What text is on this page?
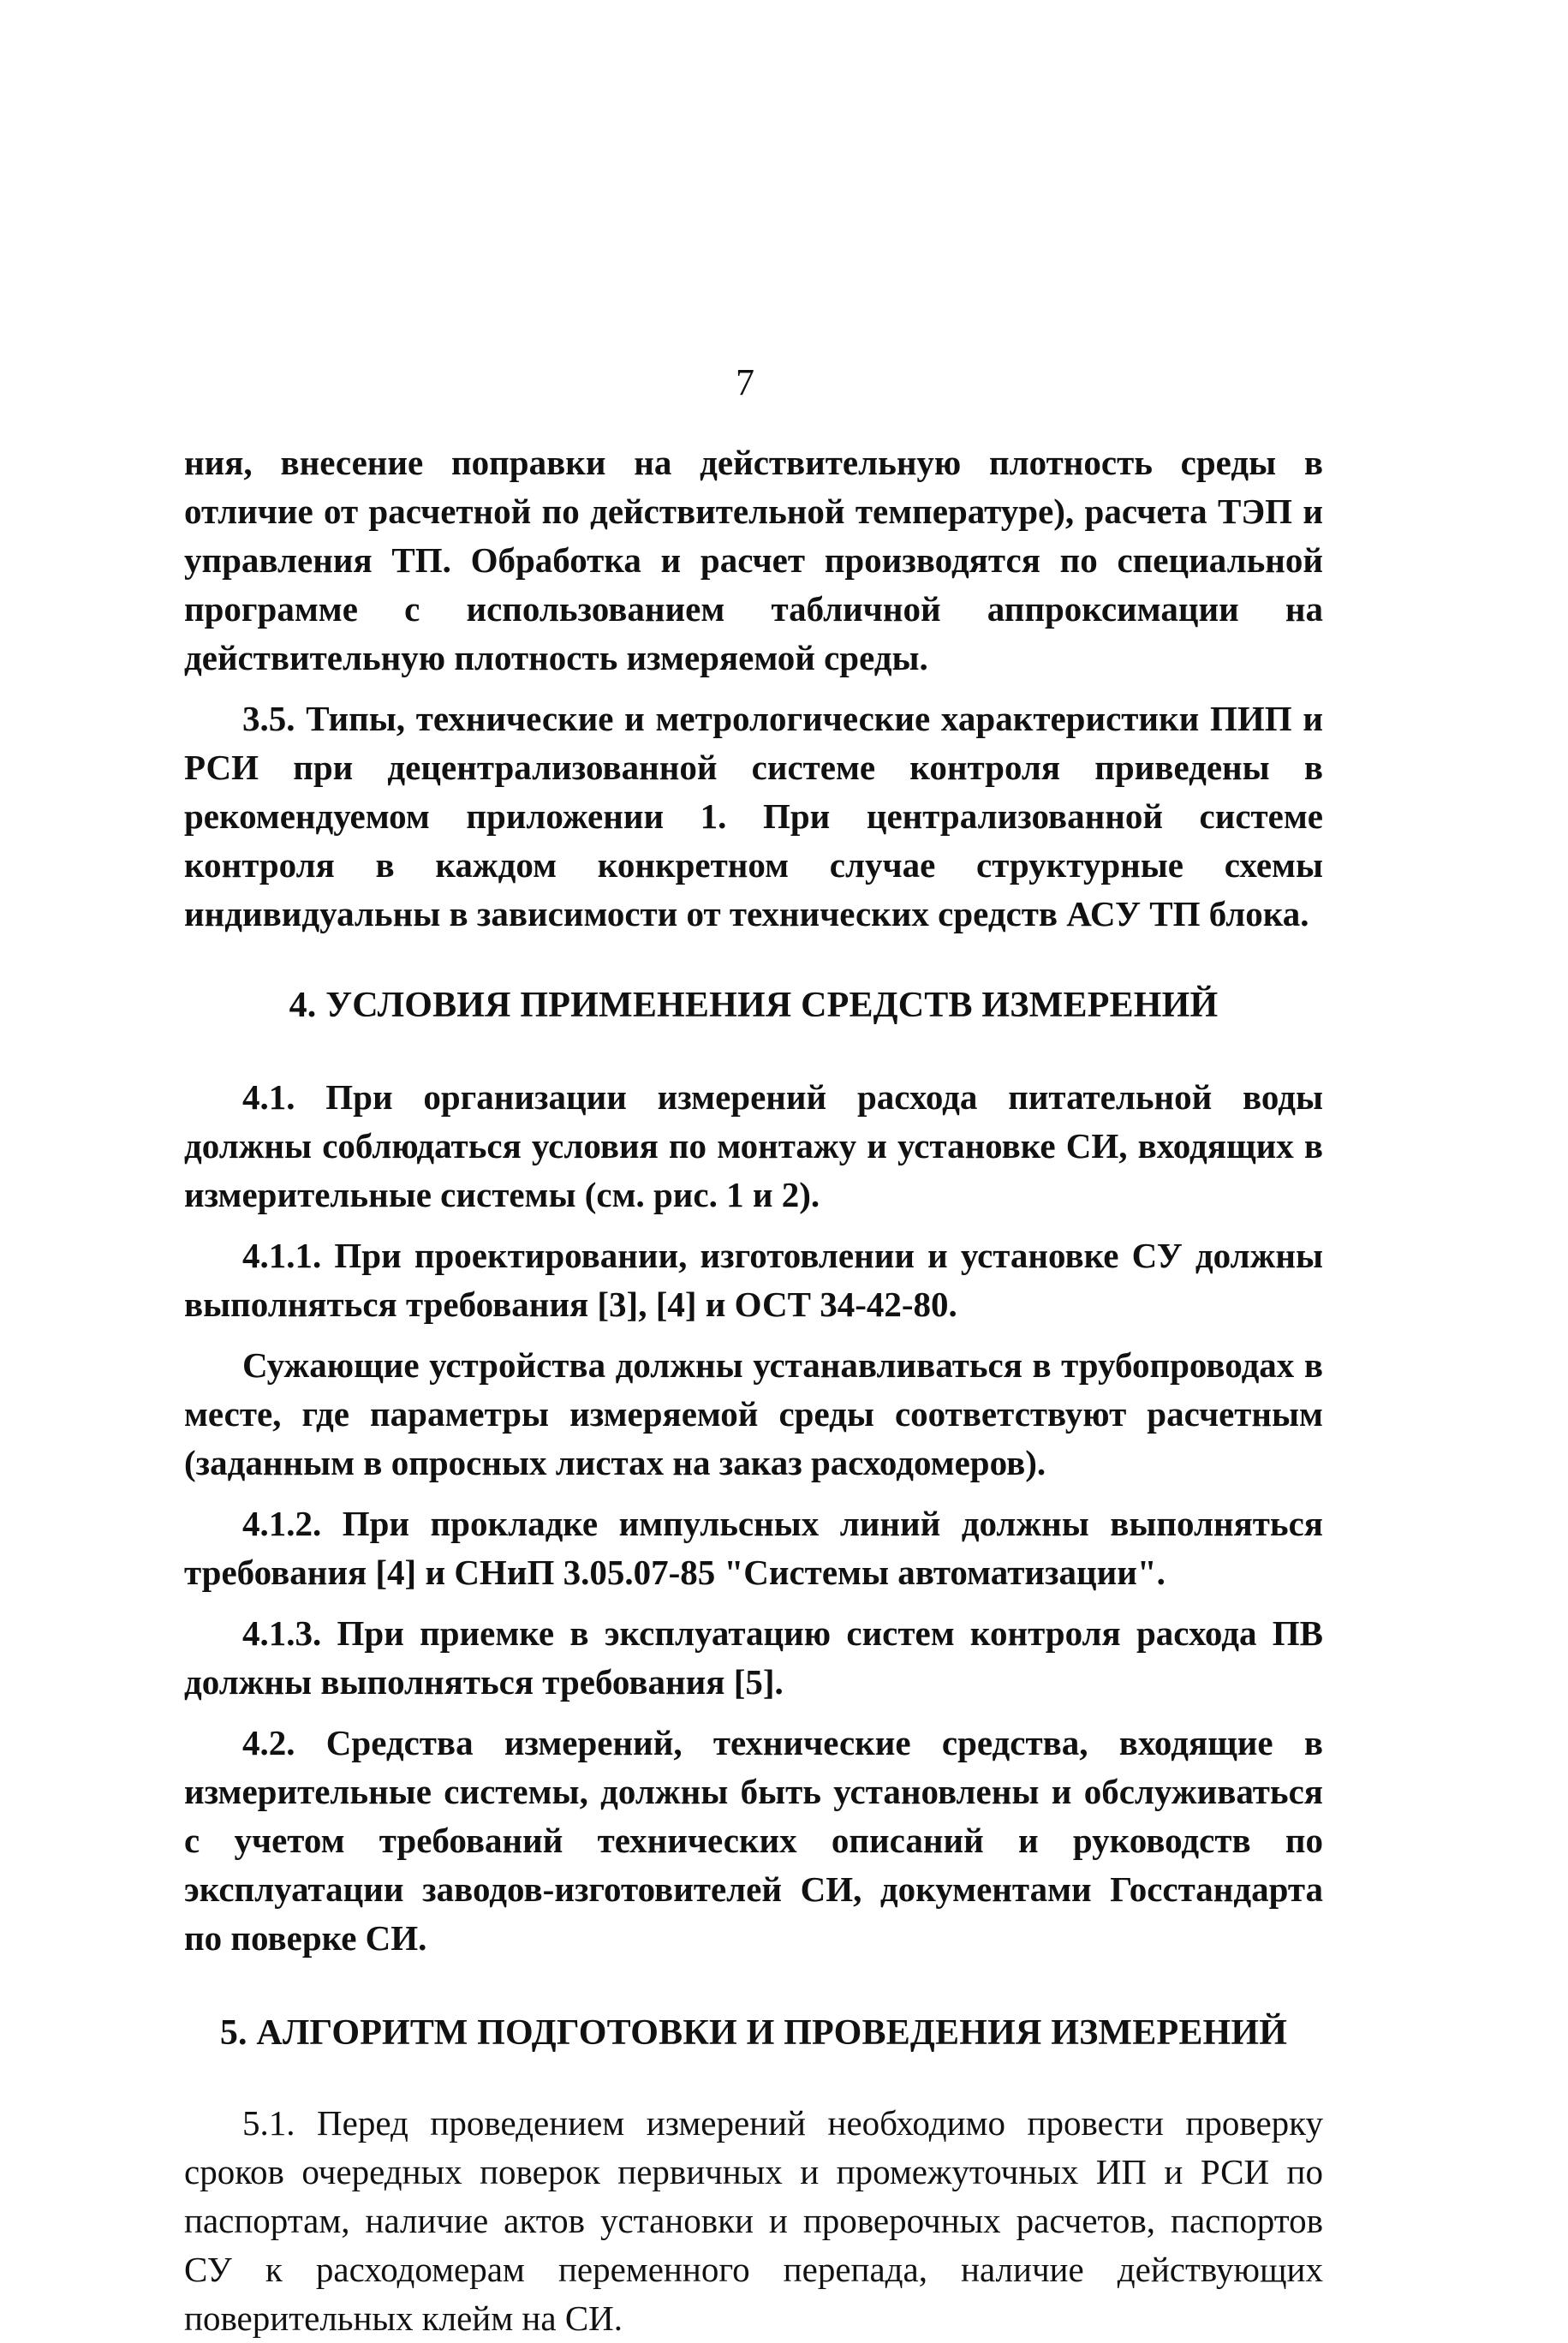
7

ния, внесение поправки на действительную плотность среды в отличие от расчетной по действительной температуре), расчета ТЭП и управления ТП. Обработка и расчет производятся по специальной программе с использованием табличной аппроксимации на действительную плотность измеряемой среды.

3.5. Типы, технические и метрологические характеристики ПИП и РСИ при децентрализованной системе контроля приведены в рекомендуемом приложении 1. При централизованной системе контроля в каждом конкретном случае структурные схемы индивидуальны в зависимости от технических средств АСУ ТП блока.

4. УСЛОВИЯ ПРИМЕНЕНИЯ СРЕДСТВ ИЗМЕРЕНИЙ

4.1. При организации измерений расхода питательной воды должны соблюдаться условия по монтажу и установке СИ, входящих в измерительные системы (см. рис. 1 и 2).

4.1.1. При проектировании, изготовлении и установке СУ должны выполняться требования [3], [4] и ОСТ 34-42-80.

Сужающие устройства должны устанавливаться в трубопроводах в месте, где параметры измеряемой среды соответствуют расчетным (заданным в опросных листах на заказ расходомеров).

4.1.2. При прокладке импульсных линий должны выполняться требования [4] и СНиП 3.05.07-85 "Системы автоматизации".

4.1.3. При приемке в эксплуатацию систем контроля расхода ПВ должны выполняться требования [5].

4.2. Средства измерений, технические средства, входящие в измерительные системы, должны быть установлены и обслуживаться с учетом требований технических описаний и руководств по эксплуатации заводов-изготовителей СИ, документами Госстандарта по поверке СИ.

5. АЛГОРИТМ ПОДГОТОВКИ И ПРОВЕДЕНИЯ ИЗМЕРЕНИЙ

5.1. Перед проведением измерений необходимо провести проверку сроков очередных поверок первичных и промежуточных ИП и РСИ по паспортам, наличие актов установки и проверочных расчетов, паспортов СУ к расходомерам переменного перепада, наличие действующих поверительных клейм на СИ.
